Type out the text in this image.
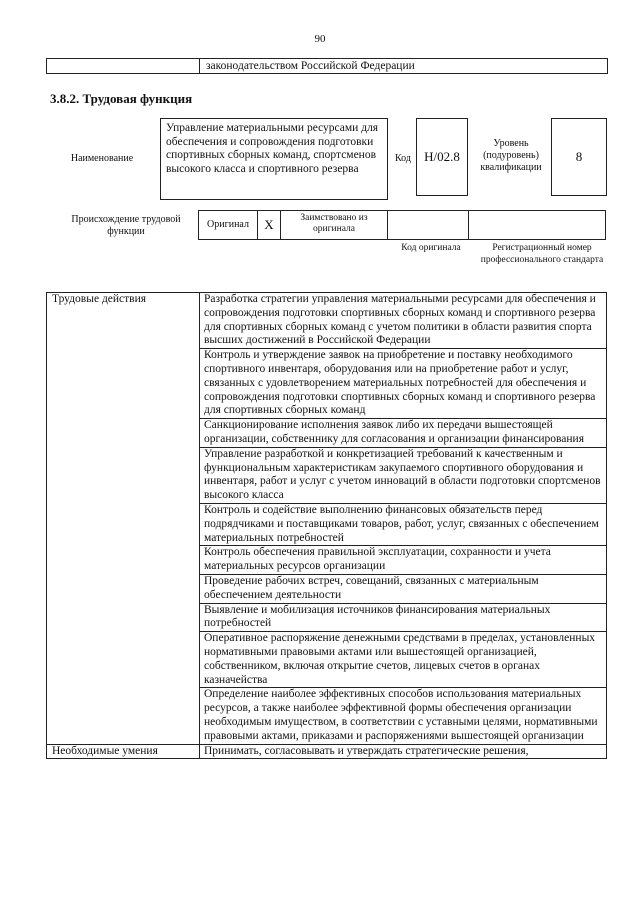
90
законодательством Российской Федерации
3.8.2. Трудовая функция
Наименование
Управление материальными ресурсами для обеспечения и сопровождения подготовки спортивных сборных команд, спортсменов высокого класса и спортивного резерва
Код	H/02.8
Уровень (подуровень) квалификации
8
Происхождение трудовой функции
Оригинал	X	Заимствовано из оригинала
Код оригинала	Регистрационный номер профессионального стандарта
Трудовые действия	Разработка стратегии управления материальными ресурсами для обеспечения и сопровождения подготовки спортивных сборных команд и спортивного резерва для спортивных сборных команд с учетом политики в области развития спорта высших достижений в Российской Федерации
	Контроль и утверждение заявок на приобретение и поставку необходимого спортивного инвентаря, оборудования или на приобретение работ и услуг, связанных с удовлетворением материальных потребностей для обеспечения и сопровождения подготовки спортивных сборных команд и спортивного резерва для спортивных сборных команд
	Санкционирование исполнения заявок либо их передачи вышестоящей организации, собственнику для согласования и организации финансирования
	Управление разработкой и конкретизацией требований к качественным и функциональным характеристикам закупаемого спортивного оборудования и инвентаря, работ и услуг с учетом инноваций в области подготовки спортсменов высокого класса
	Контроль и содействие выполнению финансовых обязательств перед подрядчиками и поставщиками товаров, работ, услуг, связанных с обеспечением материальных потребностей
	Контроль обеспечения правильной эксплуатации, сохранности и учета материальных ресурсов организации
	Проведение рабочих встреч, совещаний, связанных с материальным обеспечением деятельности
	Выявление и мобилизация источников финансирования материальных потребностей
	Оперативное распоряжение денежными средствами в пределах, установленных нормативными правовыми актами или вышестоящей организацией, собственником, включая открытие счетов, лицевых счетов в органах казначейства
	Определение наиболее эффективных способов использования материальных ресурсов, а также наиболее эффективной формы обеспечения организации необходимым имуществом, в соответствии с уставными целями, нормативными правовыми актами, приказами и распоряжениями вышестоящей организации
Необходимые умения	Принимать, согласовывать и утверждать стратегические решения,
